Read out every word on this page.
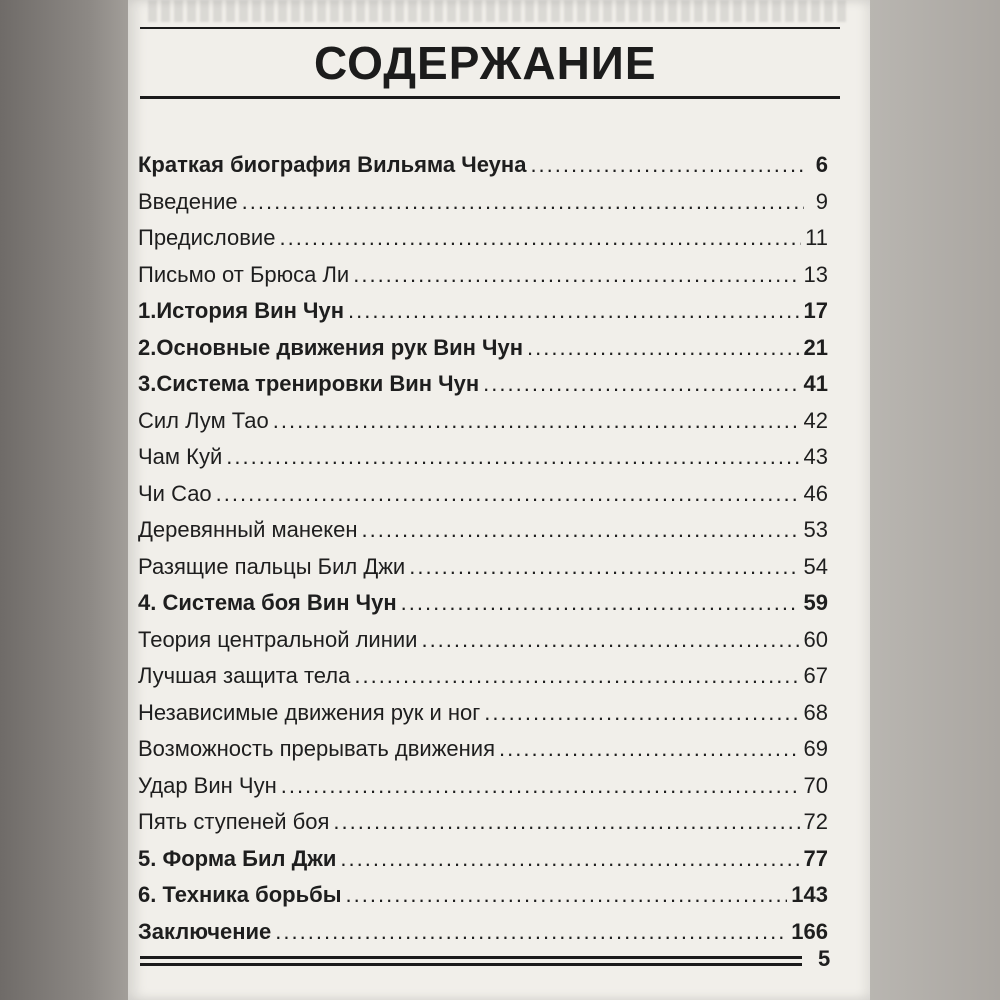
СОДЕРЖАНИЕ
Краткая биография Вильяма Чеуна .....	6
Введение .....	9
Предисловие .....	11
Письмо от Брюса Ли .....	13
1.История Вин Чун .....	17
2.Основные движения рук Вин Чун .....	21
3.Система тренировки Вин Чун .....	41
Сил Лум Тао .....	42
Чам Куй .....	43
Чи Сао .....	46
Деревянный манекен .....	53
Разящие пальцы Бил Джи .....	54
4. Система боя Вин Чун .....	59
Теория центральной линии .....	60
Лучшая защита тела .....	67
Независимые движения рук и ног .....	68
Возможность прерывать движения .....	69
Удар Вин Чун .....	70
Пять ступеней боя .....	72
5. Форма Бил Джи .....	77
6. Техника борьбы .....	143
Заключение .....	166
5
